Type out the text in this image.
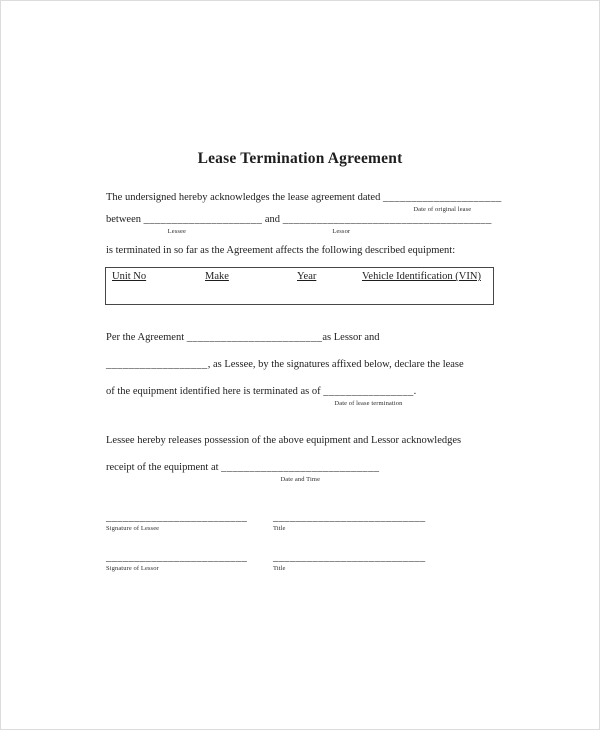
Lease Termination Agreement
The undersigned hereby acknowledges the lease agreement dated _____________________
Date of original lease
between _____________________
Lessee
and _____________________________________
Lessor
is terminated in so far as the Agreement affects the following described equipment:
Unit No	Make	Year	Vehicle Identification (VIN)
Per the Agreement ________________________as Lessor and
__________________, as Lessee, by the signatures affixed below, declare the lease
of the equipment identified here is terminated as of ________________
Date of lease termination
.
Lessee hereby releases possession of the above equipment and Lessor acknowledges
receipt of the equipment at ____________________________
Date and Time
_________________________
Signature of Lessee
___________________________
Title
_________________________
Signature of Lessor
___________________________
Title
